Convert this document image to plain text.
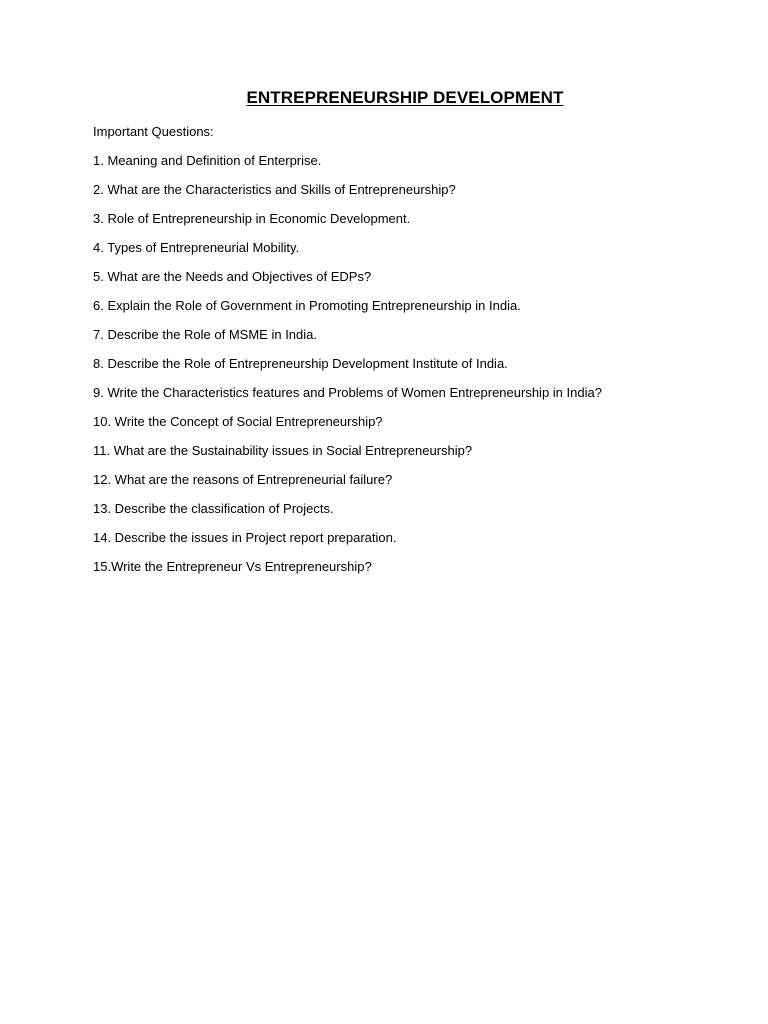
ENTREPRENEURSHIP DEVELOPMENT

Important Questions:

1. Meaning and Definition of Enterprise.
2. What are the Characteristics and Skills of Entrepreneurship?
3. Role of Entrepreneurship in Economic Development.
4. Types of Entrepreneurial Mobility.
5. What are the Needs and Objectives of EDPs?
6. Explain the Role of Government in Promoting Entrepreneurship in India.
7. Describe the Role of MSME in India.
8. Describe the Role of Entrepreneurship Development Institute of India.
9. Write the Characteristics features and Problems of Women Entrepreneurship in India?
10. Write the Concept of Social Entrepreneurship?
11. What are the Sustainability issues in Social Entrepreneurship?
12. What are the reasons of Entrepreneurial failure?
13. Describe the classification of Projects.
14. Describe the issues in Project report preparation.
15.Write the Entrepreneur Vs Entrepreneurship?
